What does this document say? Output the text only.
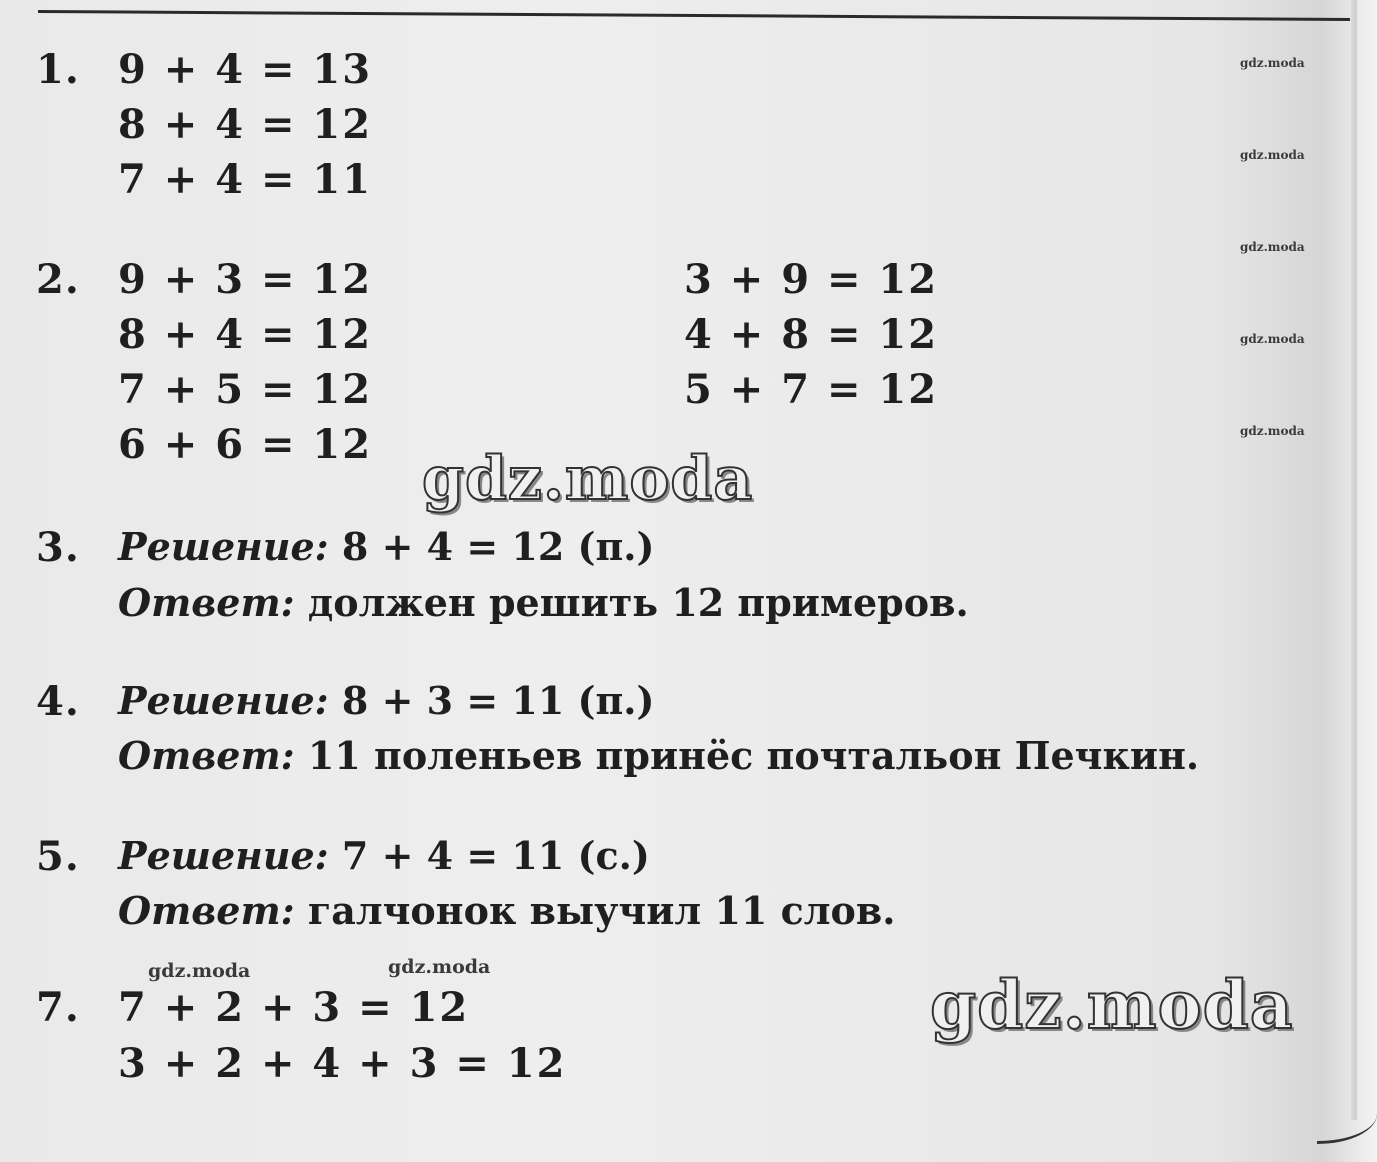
1. 9 + 4 = 13
8 + 4 = 12
7 + 4 = 11
2. 9 + 3 = 12
8 + 4 = 12
7 + 5 = 12
6 + 6 = 12
3 + 9 = 12
4 + 8 = 12
5 + 7 = 12
3. Решение: 8 + 4 = 12 (п.)
Ответ: должен решить 12 примеров.
4. Решение: 8 + 3 = 11 (п.)
Ответ: 11 поленьев принёс почтальон Печкин.
5. Решение: 7 + 4 = 11 (с.)
Ответ: галчонок выучил 11 слов.
7. 7 + 2 + 3 = 12
3 + 2 + 4 + 3 = 12
gdz.moda
gdz.moda
gdz.moda
gdz.moda
gdz.moda
gdz.moda	gdz.moda
gdz.moda
gdz.moda
